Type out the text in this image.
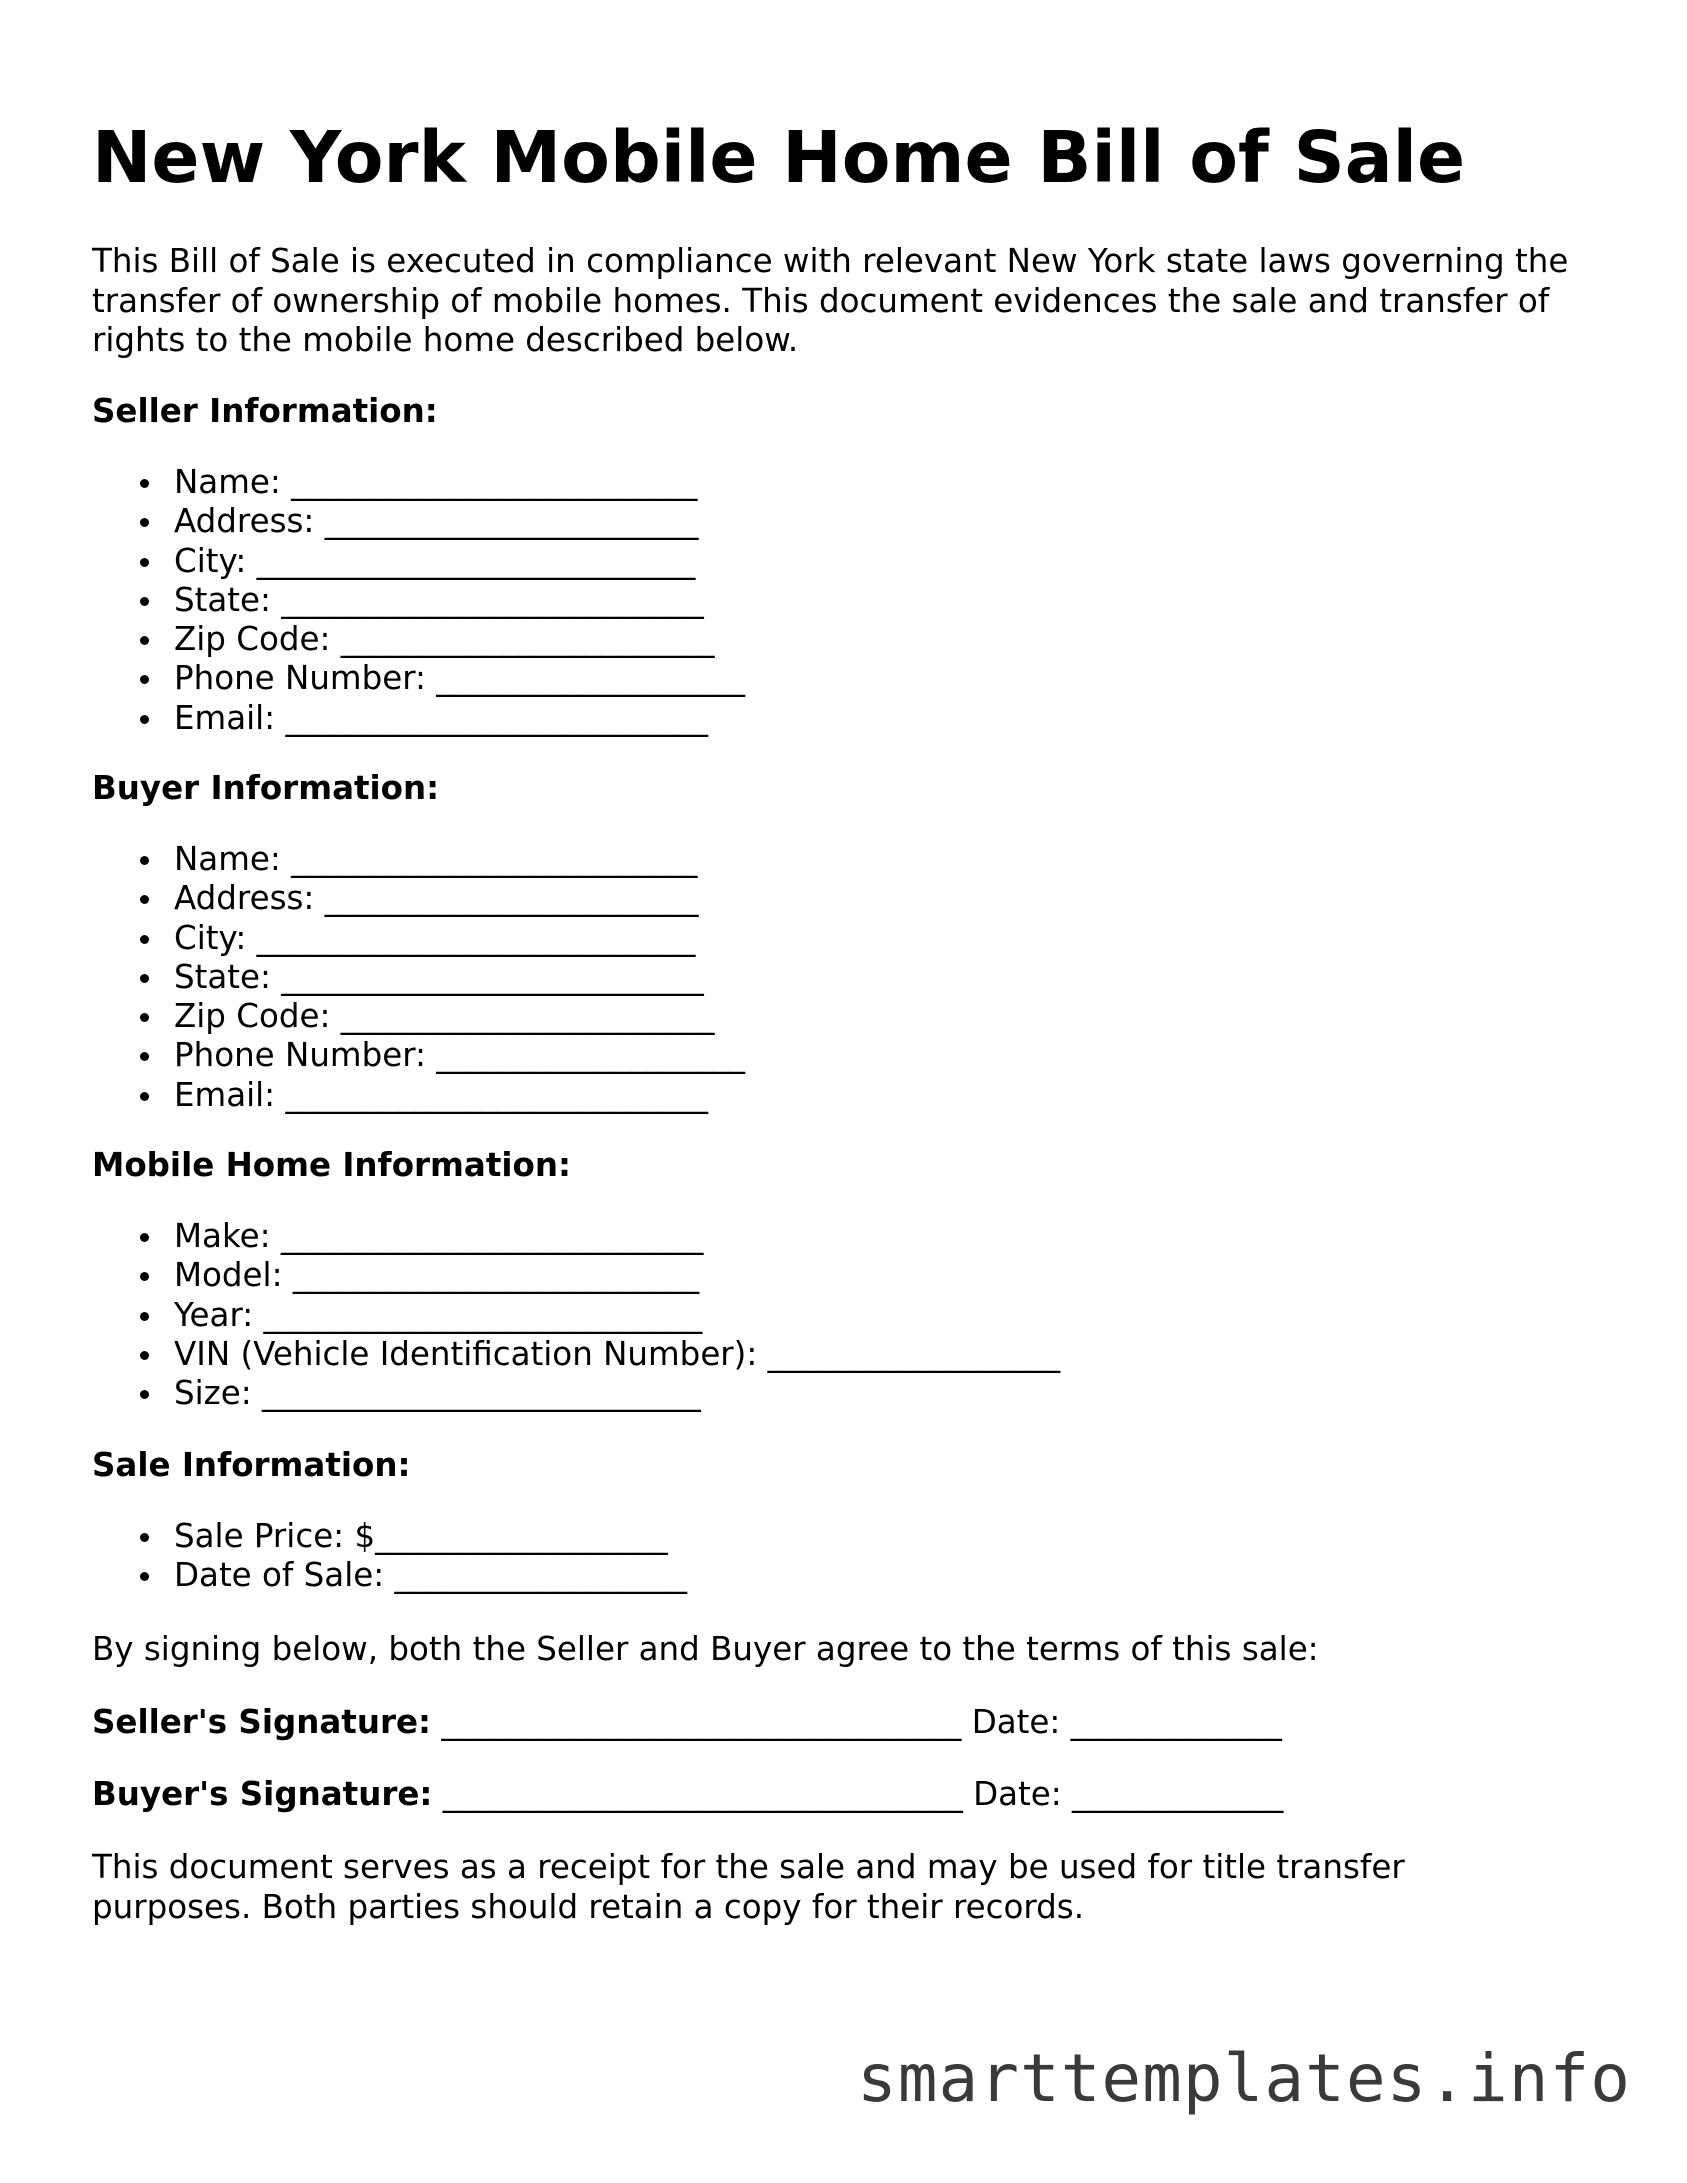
New York Mobile Home Bill of Sale
This Bill of Sale is executed in compliance with relevant New York state laws governing the
transfer of ownership of mobile homes. This document evidences the sale and transfer of
rights to the mobile home described below.
Seller Information:
Name: _________________________
Address: _______________________
City: ___________________________
State: __________________________
Zip Code: _______________________
Phone Number: ___________________
Email: __________________________
Buyer Information:
Name: _________________________
Address: _______________________
City: ___________________________
State: __________________________
Zip Code: _______________________
Phone Number: ___________________
Email: __________________________
Mobile Home Information:
Make: __________________________
Model: _________________________
Year: ___________________________
VIN (Vehicle Identification Number): __________________
Size: ___________________________
Sale Information:
Sale Price: $__________________
Date of Sale: __________________
By signing below, both the Seller and Buyer agree to the terms of this sale:
Seller's Signature: ________________________________ Date: _____________
Buyer's Signature: ________________________________ Date: _____________
This document serves as a receipt for the sale and may be used for title transfer
purposes. Both parties should retain a copy for their records.
smarttemplates.info
